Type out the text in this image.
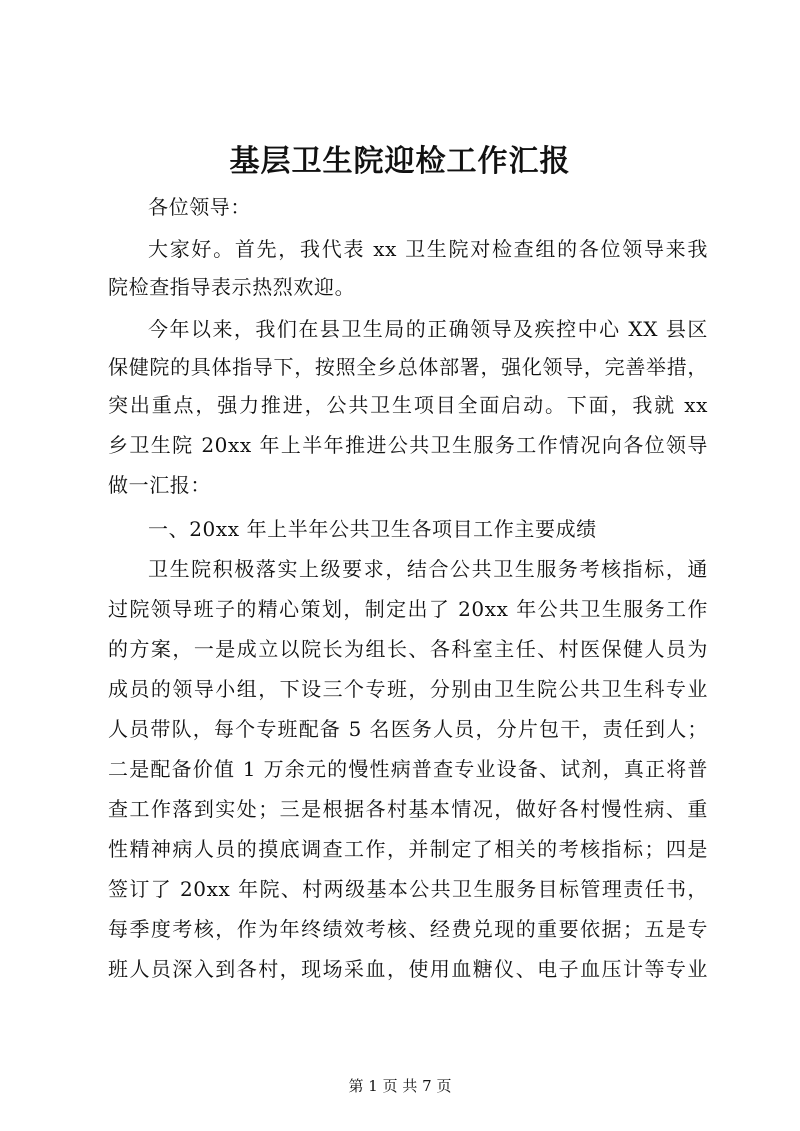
基层卫生院迎检工作汇报
各位领导：
大家好。首先，我代表 xx 卫生院对检查组的各位领导来我
院检查指导表示热烈欢迎。
今年以来，我们在县卫生局的正确领导及疾控中心 XX 县区
保健院的具体指导下，按照全乡总体部署，强化领导，完善举措，
突出重点，强力推进，公共卫生项目全面启动。下面，我就 xx
乡卫生院 20xx 年上半年推进公共卫生服务工作情况向各位领导
做一汇报：
一、20xx 年上半年公共卫生各项目工作主要成绩
卫生院积极落实上级要求，结合公共卫生服务考核指标，通
过院领导班子的精心策划，制定出了 20xx 年公共卫生服务工作
的方案，一是成立以院长为组长、各科室主任、村医保健人员为
成员的领导小组，下设三个专班，分别由卫生院公共卫生科专业
人员带队，每个专班配备 5 名医务人员，分片包干，责任到人；
二是配备价值 1 万余元的慢性病普查专业设备、试剂，真正将普
查工作落到实处；三是根据各村基本情况，做好各村慢性病、重
性精神病人员的摸底调查工作，并制定了相关的考核指标；四是
签订了 20xx 年院、村两级基本公共卫生服务目标管理责任书，
每季度考核，作为年终绩效考核、经费兑现的重要依据；五是专
班人员深入到各村，现场采血，使用血糖仪、电子血压计等专业
第 1 页 共 7 页
